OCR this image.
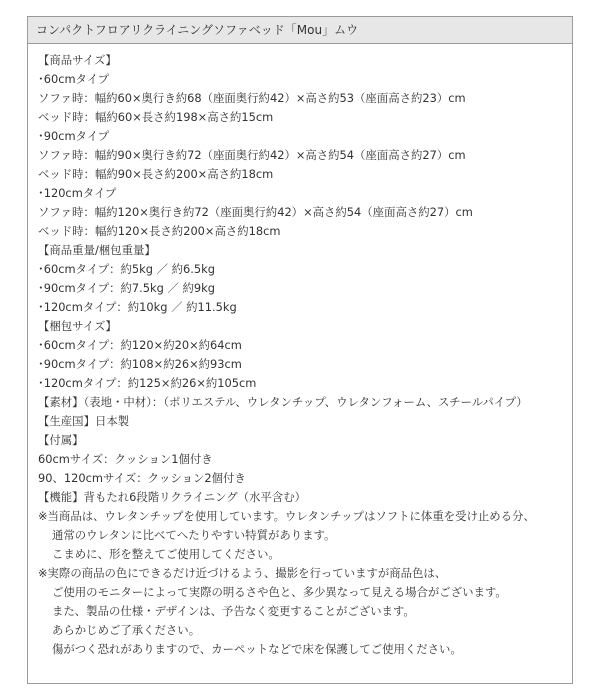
コンパクトフロアリクライニングソファベッド「Mou」ムウ
【商品サイズ】
･60cmタイプ
ソファ時：幅約60×奥行き約68（座面奥行約42）×高さ約53（座面高さ約23）cm
ベッド時：幅約60×長さ約198×高さ約15cm
･90cmタイプ
ソファ時：幅約90×奥行き約72（座面奥行約42）×高さ約54（座面高さ約27）cm
ベッド時：幅約90×長さ約200×高さ約18cm
･120cmタイプ
ソファ時：幅約120×奥行き約72（座面奥行約42）×高さ約54（座面高さ約27）cm
ベッド時：幅約120×長さ約200×高さ約18cm
【商品重量/梱包重量】
･60cmタイプ：約5kg ／ 約6.5kg
･90cmタイプ：約7.5kg ／ 約9kg
･120cmタイプ：約10kg ／ 約11.5kg
【梱包サイズ】
･60cmタイプ：約120×約20×約64cm
･90cmタイプ：約108×約26×約93cm
･120cmタイプ：約125×約26×約105cm
【素材】（表地・中材）：（ポリエステル、ウレタンチップ、ウレタンフォーム、スチールパイプ）
【生産国】日本製
【付属】
60cmサイズ：クッション1個付き
90、120cmサイズ：クッション2個付き
【機能】背もたれ6段階リクライニング（水平含む）
※当商品は、ウレタンチップを使用しています。ウレタンチップはソフトに体重を受け止める分、
通常のウレタンに比べてへたりやすい特質があります。
こまめに、形を整えてご使用してください。
※実際の商品の色にできるだけ近づけるよう、撮影を行っていますが商品色は、
ご使用のモニターによって実際の明るさや色と、多少異なって見える場合がございます。
また、製品の仕様・デザインは、予告なく変更することがございます。
あらかじめご了承ください。
傷がつく恐れがありますので、カーペットなどで床を保護してご使用ください。
